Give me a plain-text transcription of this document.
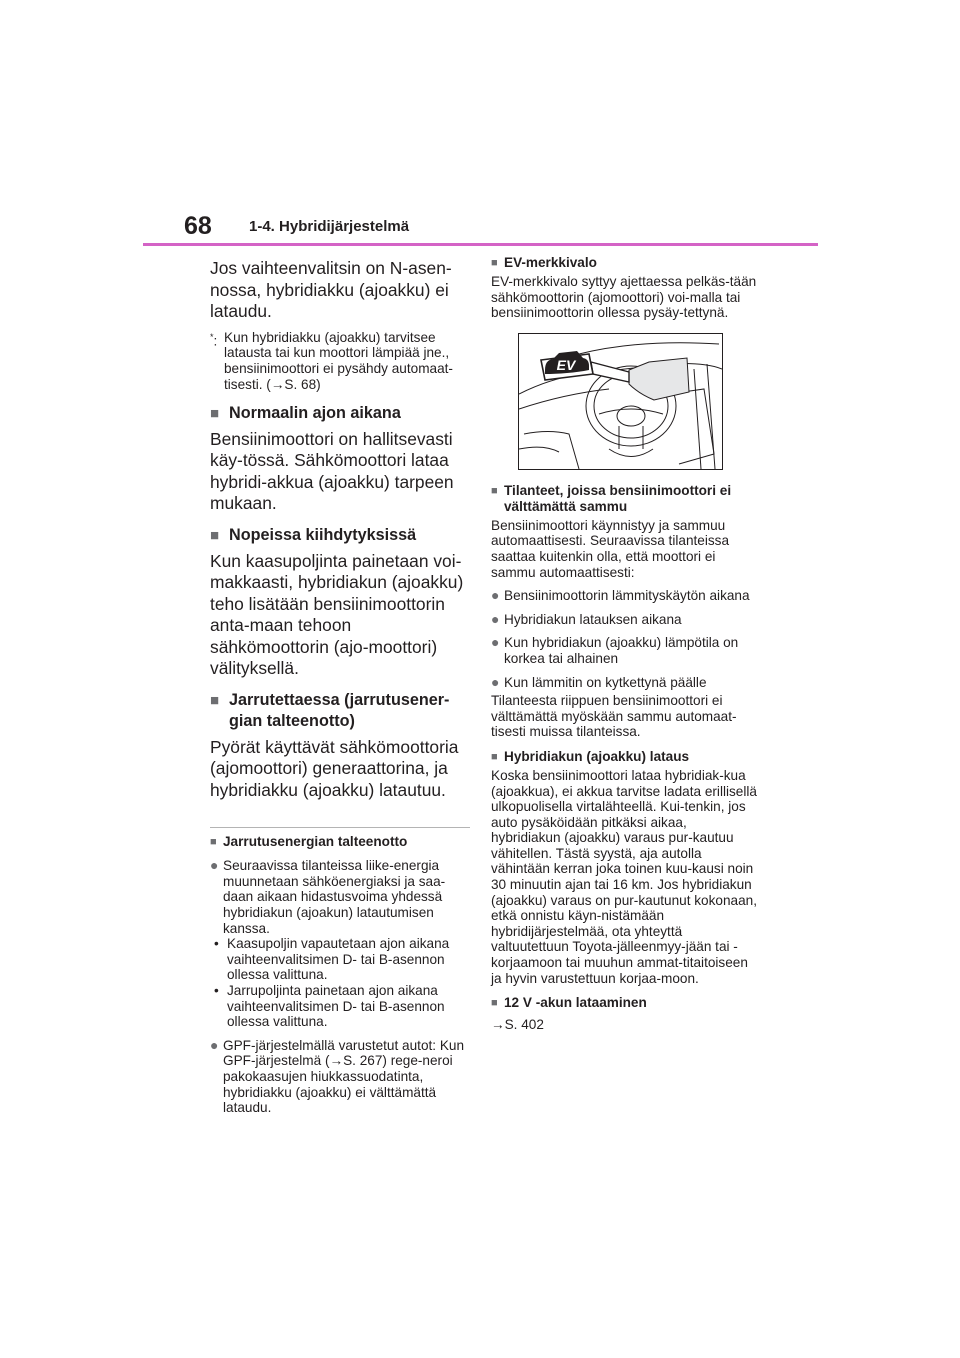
68 1-4. Hybridijärjestelmä

Jos vaihteenvalitsin on N-asen-nossa, hybridiakku (ajoakku) ei lataudu.

*: Kun hybridiakku (ajoakku) tarvitsee latausta tai kun moottori lämpiää jne., bensiinimoottori ei pysähdy automaat-tisesti. (→S. 68)
■ Normaalin ajon aikana

Bensiinimoottori on hallitsevasti käy-tössä. Sähkömoottori lataa hybridi-akkua (ajoakku) tarpeen mukaan.

■ Nopeissa kiihdytyksissä

Kun kaasupoljinta painetaan voi-makkaasti, hybridiakun (ajoakku) teho lisätään bensiinimoottorin anta-maan tehoon sähkömoottorin (ajo-moottori) välityksellä.

■ Jarrutettaessa (jarrutusener-gian talteenotto)

Pyörät käyttävät sähkömoottoria (ajomoottori) generaattorina, ja hybridiakku (ajoakku) latautuu.

■ Jarrutusenergian talteenotto
● Seuraavissa tilanteissa liike-energia muunnetaan sähköenergiaksi ja saa-daan aikaan hidastusvoima yhdessä hybridiakun (ajoakun) latautumisen kanssa.
• Kaasupoljin vapautetaan ajon aikana vaihteenvalitsimen D- tai B-asennon ollessa valittuna.
• Jarrupoljinta painetaan ajon aikana vaihteenvalitsimen D- tai B-asennon ollessa valittuna.
● GPF-järjestelmällä varustetut autot: Kun GPF-järjestelmä (→S. 267) rege-neroi pakokaasujen hiukkassuodatinta, hybridiakku (ajoakku) ei välttämättä lataudu.
■ EV-merkkivalo

EV-merkkivalo syttyy ajettaessa pelkäs-tään sähkömoottorin (ajomoottori) voi-malla tai bensiinimoottorin ollessa pysäy-tettynä.

EV
■ Tilanteet, joissa bensiinimoottori ei välttämättä sammu

Bensiinimoottori käynnistyy ja sammuu automaattisesti. Seuraavissa tilanteissa saattaa kuitenkin olla, että moottori ei sammu automaattisesti:

● Bensiinimoottorin lämmityskäytön aikana
● Hybridiakun latauksen aikana
● Kun hybridiakun (ajoakku) lämpötila on korkea tai alhainen
● Kun lämmitin on kytkettynä päälle

Tilanteesta riippuen bensiinimoottori ei välttämättä myöskään sammu automaat-tisesti muissa tilanteissa.

■ Hybridiakun (ajoakku) lataus

Koska bensiinimoottori lataa hybridiak-kua (ajoakkua), ei akkua tarvitse ladata erillisellä ulkopuolisella virtalähteellä. Kui-tenkin, jos auto pysäköidään pitkäksi aikaa, hybridiakun (ajoakku) varaus pur-kautuu vähitellen. Tästä syystä, aja autolla vähintään kerran joka toinen kuu-kausi noin 30 minuutin ajan tai 16 km. Jos hybridiakun (ajoakku) varaus on pur-kautunut kokonaan, etkä onnistu käyn-nistämään hybridijärjestelmää, ota yhteyttä valtuutettuun Toyota-jälleenmyy-jään tai -korjaamoon tai muuhun ammat-titaitoiseen ja hyvin varustettuun korjaa-moon.

■ 12 V -akun lataaminen

→S. 402
